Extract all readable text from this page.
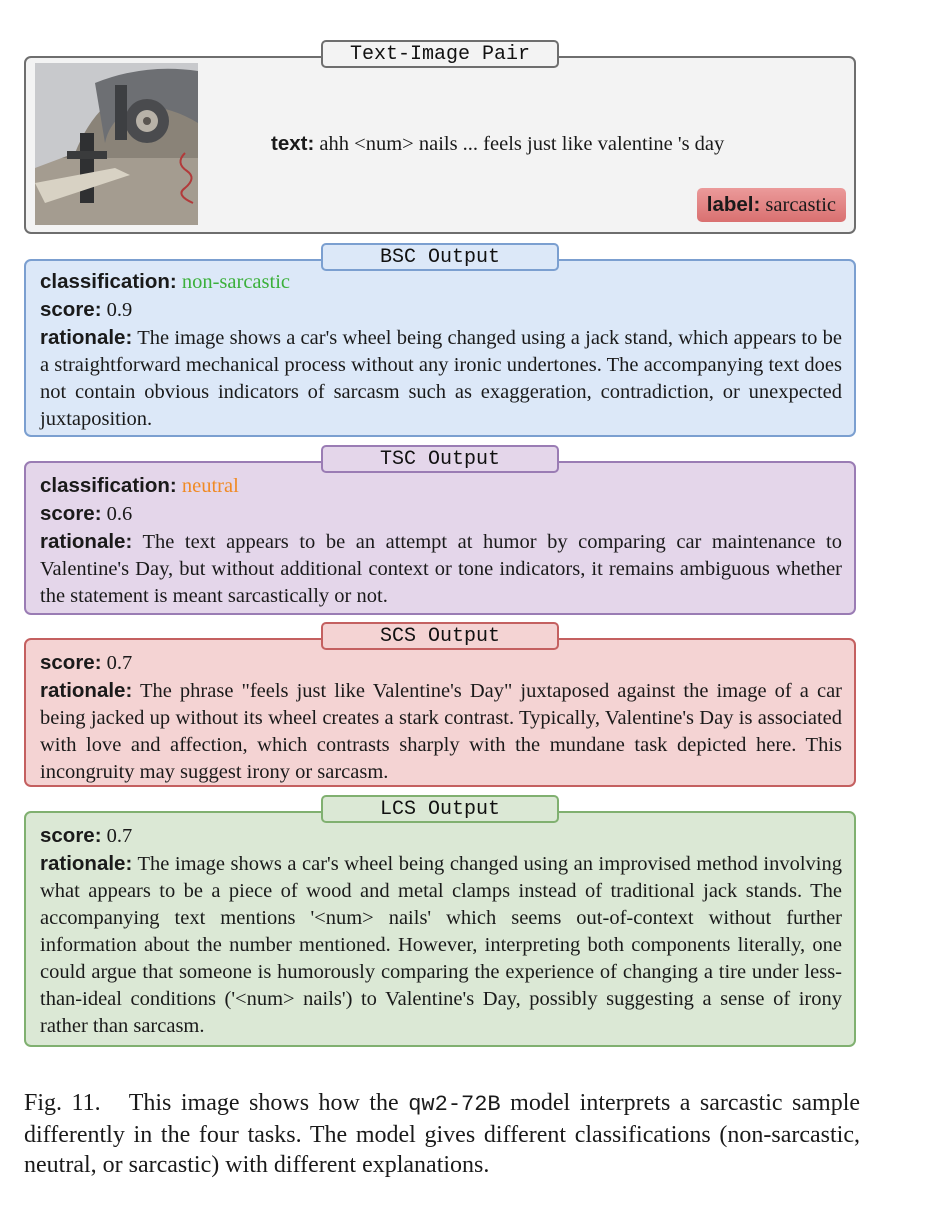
Text-Image Pair
text: ahh <num> nails ... feels just like valentine 's day
label: sarcastic
BSC Output

classification: non-sarcastic

score: 0.9

rationale: The image shows a car's wheel being changed using a jack stand, which appears to be a straightforward mechanical process without any ironic undertones. The accompanying text does not contain obvious indicators of sarcasm such as exaggeration, contradiction, or unexpected juxtaposition.

TSC Output

classification: neutral

score: 0.6

rationale: The text appears to be an attempt at humor by comparing car maintenance to Valentine's Day, but without additional context or tone indicators, it remains ambiguous whether the statement is meant sarcastically or not.

SCS Output

score: 0.7

rationale: The phrase "feels just like Valentine's Day" juxtaposed against the image of a car being jacked up without its wheel creates a stark contrast. Typically, Valentine's Day is associated with love and affection, which contrasts sharply with the mundane task depicted here. This incongruity may suggest irony or sarcasm.

LCS Output

score: 0.7

rationale: The image shows a car's wheel being changed using an improvised method involving what appears to be a piece of wood and metal clamps instead of traditional jack stands. The accompanying text mentions '<num> nails' which seems out-of-context without further information about the number mentioned. However, interpreting both components literally, one could argue that someone is humorously comparing the experience of changing a tire under less-than-ideal conditions ('<num> nails') to Valentine's Day, possibly suggesting a sense of irony rather than sarcasm.

Fig. 11. This image shows how the qw2-72B model interprets a sarcastic sample differently in the four tasks. The model gives different classifications (non-sarcastic, neutral, or sarcastic) with different explanations.
